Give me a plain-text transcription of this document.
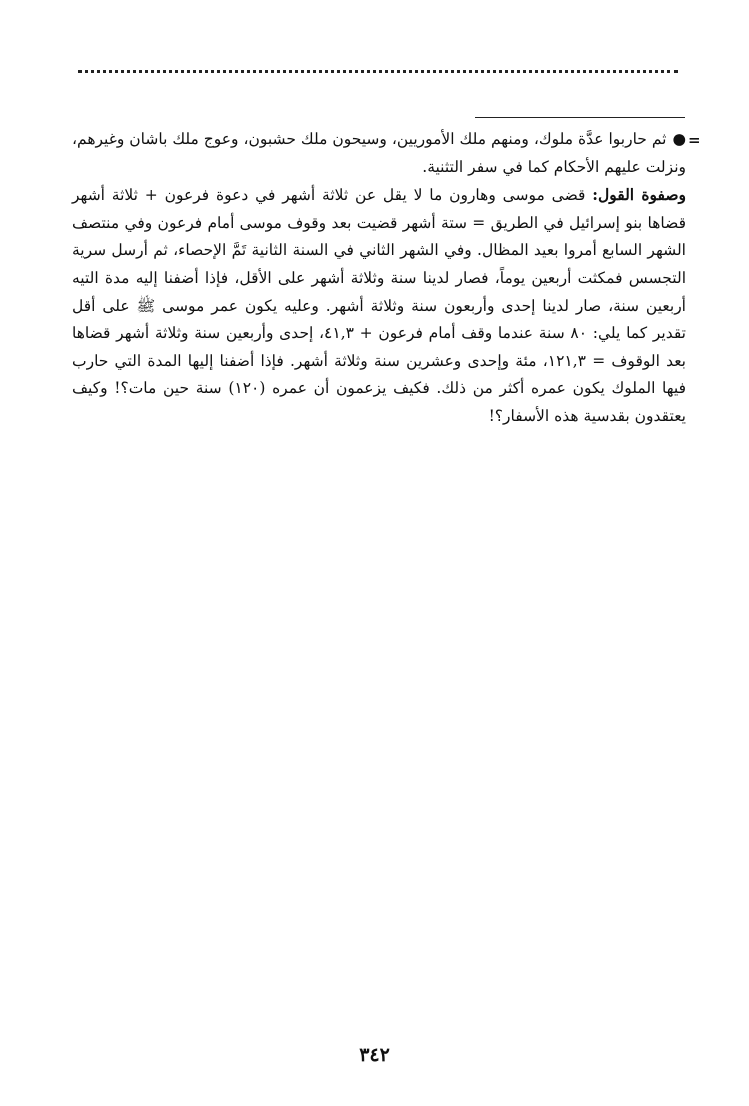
=

●ثم حاربوا عدَّة ملوك، ومنهم ملك الأموريين، وسيحون ملك حشبون، وعوج ملك باشان وغيرهم، ونزلت عليهم الأحكام كما في سفر التثنية.

وصفوة القول: قضى موسى وهارون ما لا يقل عن ثلاثة أشهر في دعوة فرعون + ثلاثة أشهر قضاها بنو إسرائيل في الطريق = ستة أشهر قضيت بعد وقوف موسى أمام فرعون وفي منتصف الشهر السابع أمروا بعيد المظال. وفي الشهر الثاني في السنة الثانية تَمَّ الإحصاء، ثم أرسل سرية التجسس فمكثت أربعين يوماً، فصار لدينا سنة وثلاثة أشهر على الأقل، فإذا أضفنا إليه مدة التيه أربعين سنة، صار لدينا إحدى وأربعون سنة وثلاثة أشهر. وعليه يكون عمر موسى ﷺ على أقل تقدير كما يلي: ٨٠ سنة عندما وقف أمام فرعون + ٤١,٣، إحدى وأربعين سنة وثلاثة أشهر قضاها بعد الوقوف = ١٢١,٣، مئة وإحدى وعشرين سنة وثلاثة أشهر. فإذا أضفنا إليها المدة التي حارب فيها الملوك يكون عمره أكثر من ذلك. فكيف يزعمون أن عمره (١٢٠) سنة حين مات؟! وكيف يعتقدون بقدسية هذه الأسفار؟!

٣٤٢
